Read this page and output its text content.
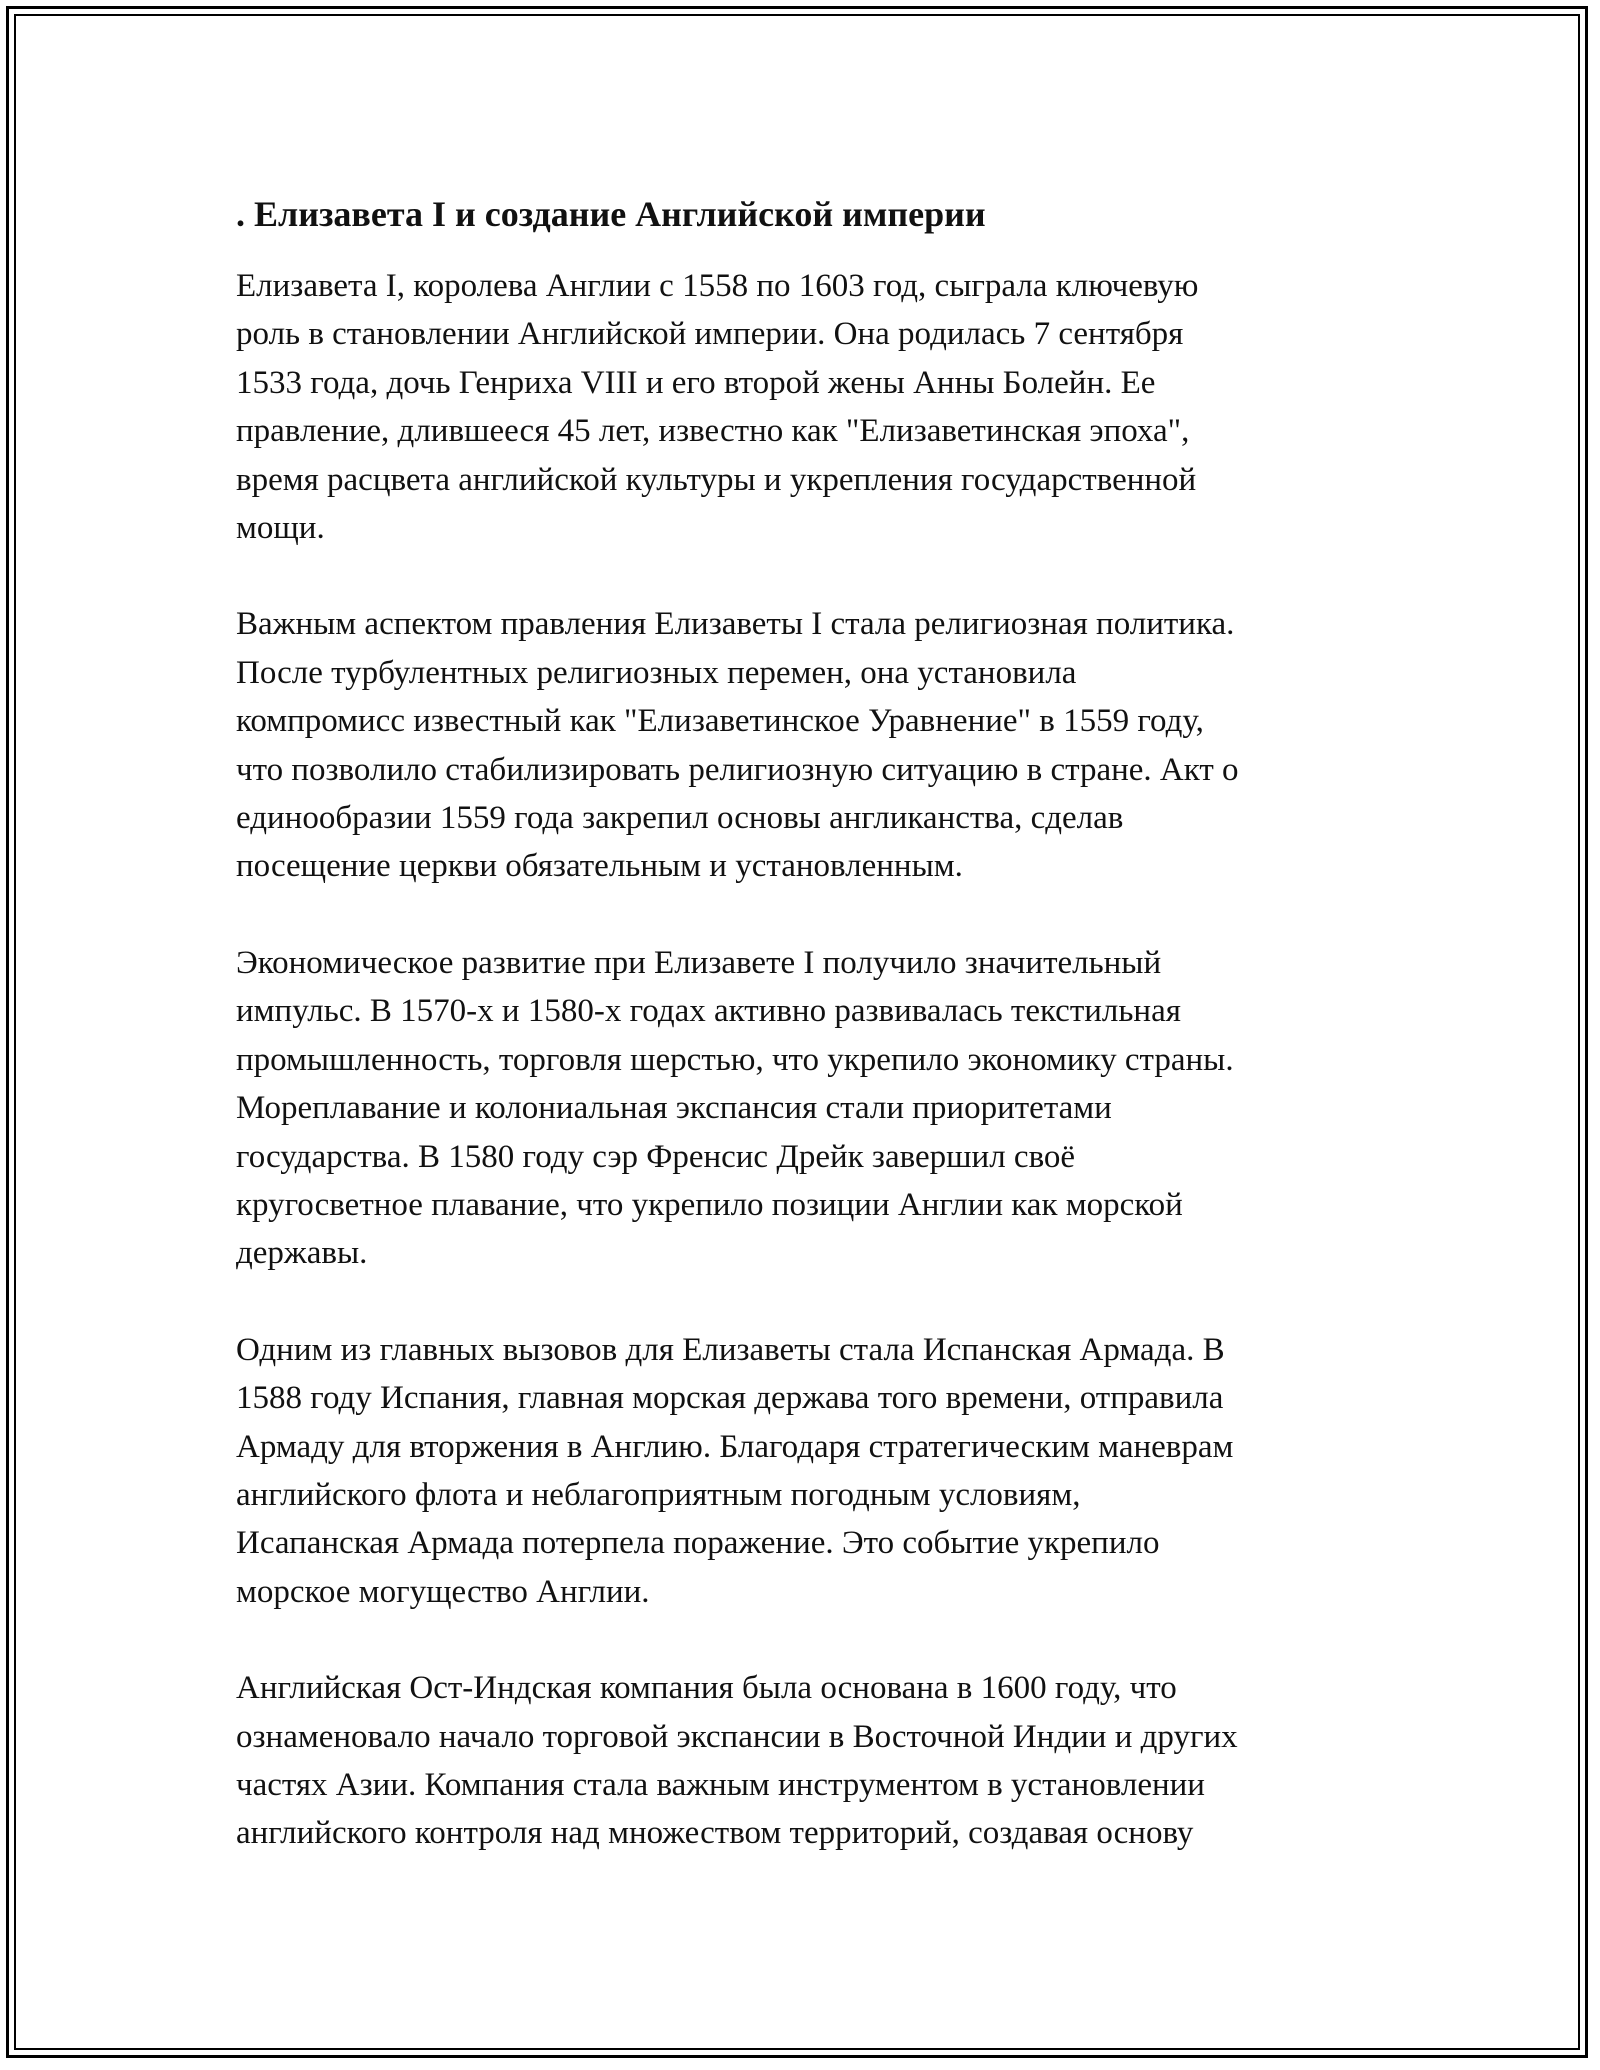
. Елизавета I и создание Английской империи

Елизавета I, королева Англии с 1558 по 1603 год, сыграла ключевую
роль в становлении Английской империи. Она родилась 7 сентября
1533 года, дочь Генриха VIII и его второй жены Анны Болейн. Ее
правление, длившееся 45 лет, известно как "Елизаветинская эпоха",
время расцвета английской культуры и укрепления государственной
мощи.

Важным аспектом правления Елизаветы I стала религиозная политика.
После турбулентных религиозных перемен, она установила
компромисс известный как "Елизаветинское Уравнение" в 1559 году,
что позволило стабилизировать религиозную ситуацию в стране. Акт о
единообразии 1559 года закрепил основы англиканства, сделав
посещение церкви обязательным и установленным.

Экономическое развитие при Елизавете I получило значительный
импульс. В 1570-х и 1580-х годах активно развивалась текстильная
промышленность, торговля шерстью, что укрепило экономику страны.
Мореплавание и колониальная экспансия стали приоритетами
государства. В 1580 году сэр Френсис Дрейк завершил своё
кругосветное плавание, что укрепило позиции Англии как морской
державы.

Одним из главных вызовов для Елизаветы стала Испанская Армада. В
1588 году Испания, главная морская держава того времени, отправила
Армаду для вторжения в Англию. Благодаря стратегическим маневрам
английского флота и неблагоприятным погодным условиям,
Исапанская Армада потерпела поражение. Это событие укрепило
морское могущество Англии.

Английская Ост-Индская компания была основана в 1600 году, что
ознаменовало начало торговой экспансии в Восточной Индии и других
частях Азии. Компания стала важным инструментом в установлении
английского контроля над множеством территорий, создавая основу
